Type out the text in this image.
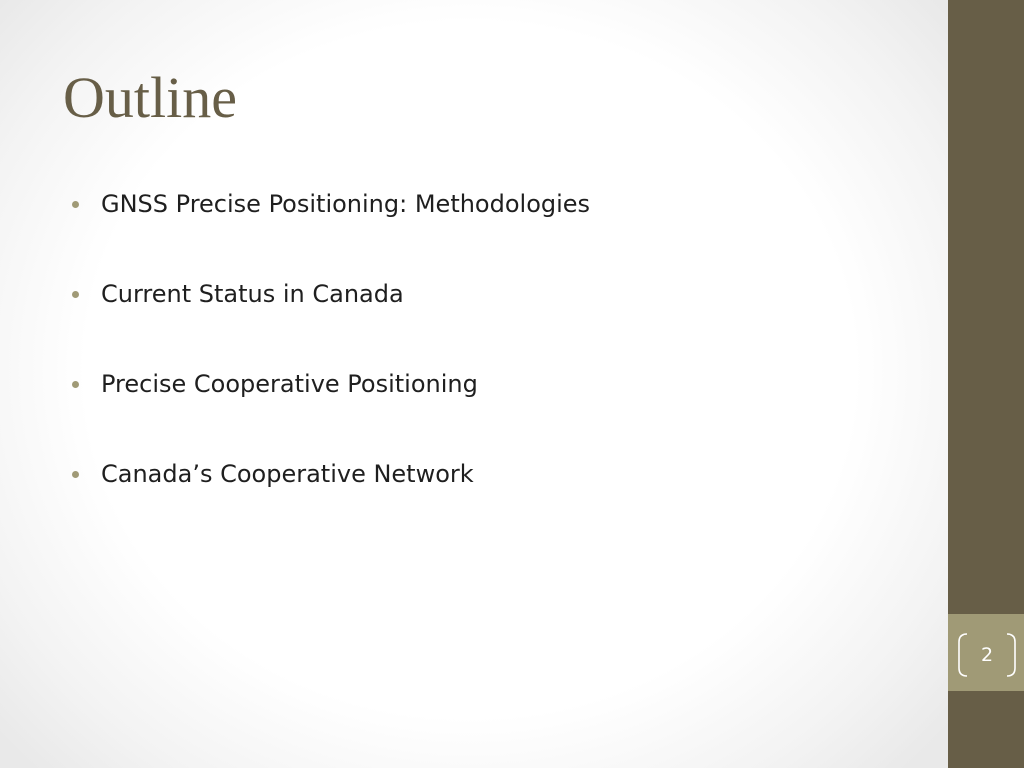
2
Outline
GNSS Precise Positioning: Methodologies
Current Status in Canada
Precise Cooperative Positioning
Canada’s Cooperative Network
